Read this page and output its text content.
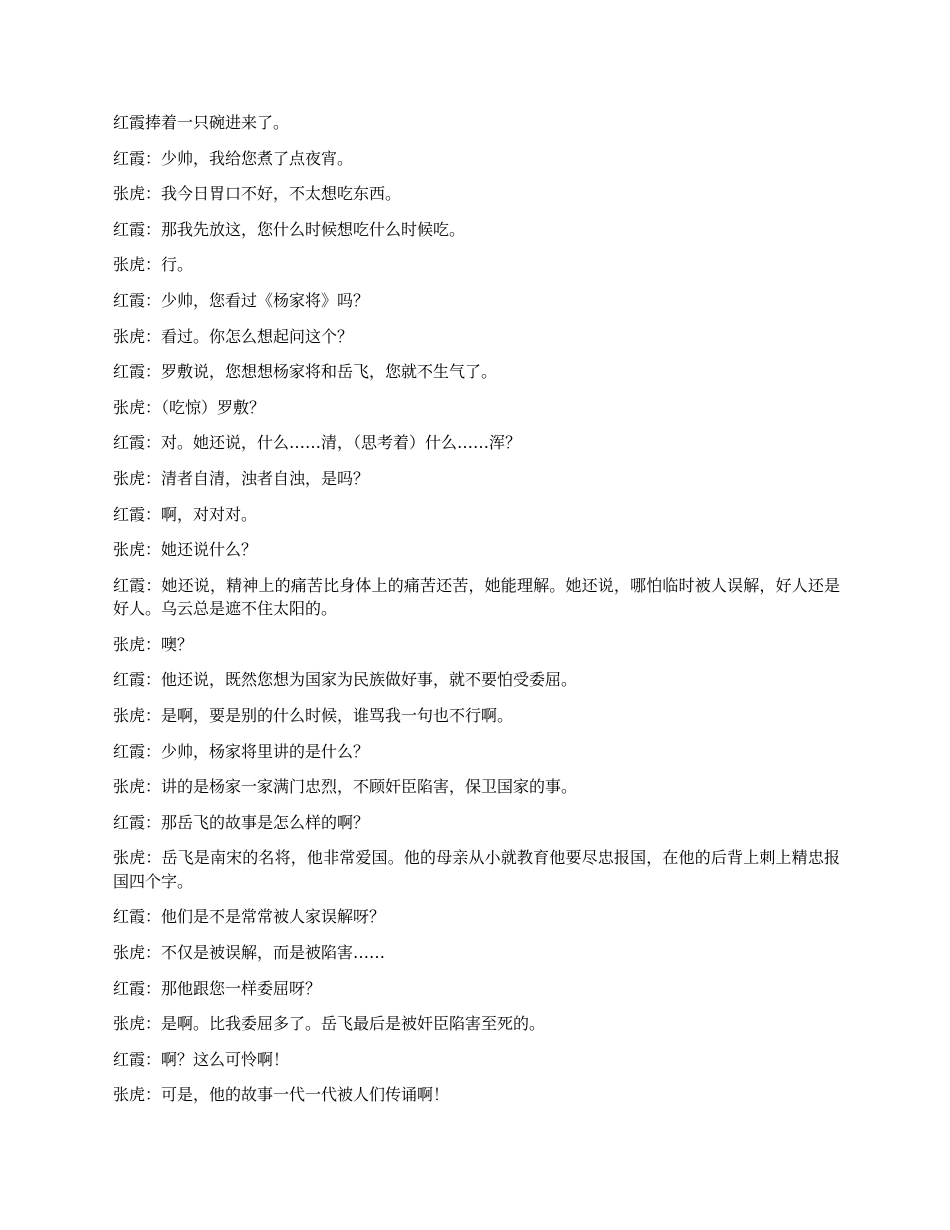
红霞捧着一只碗进来了。

红霞：少帅，我给您煮了点夜宵。

张虎：我今日胃口不好，不太想吃东西。

红霞：那我先放这，您什么时候想吃什么时候吃。

张虎：行。

红霞：少帅，您看过《杨家将》吗？

张虎：看过。你怎么想起问这个？

红霞：罗敷说，您想想杨家将和岳飞，您就不生气了。

张虎：（吃惊）罗敷？

红霞：对。她还说，什么……清，（思考着）什么……浑？

张虎：清者自清，浊者自浊，是吗？

红霞：啊，对对对。

张虎：她还说什么？

红霞：她还说，精神上的痛苦比身体上的痛苦还苦，她能理解。她还说，哪怕临时被人误解，好人还是好人。乌云总是遮不住太阳的。

张虎：噢？

红霞：他还说，既然您想为国家为民族做好事，就不要怕受委屈。

张虎：是啊，要是别的什么时候，谁骂我一句也不行啊。

红霞：少帅，杨家将里讲的是什么？

张虎：讲的是杨家一家满门忠烈，不顾奸臣陷害，保卫国家的事。

红霞：那岳飞的故事是怎么样的啊？

张虎：岳飞是南宋的名将，他非常爱国。他的母亲从小就教育他要尽忠报国，在他的后背上刺上精忠报国四个字。

红霞：他们是不是常常被人家误解呀？

张虎：不仅是被误解，而是被陷害……

红霞：那他跟您一样委屈呀？

张虎：是啊。比我委屈多了。岳飞最后是被奸臣陷害至死的。

红霞：啊？这么可怜啊！

张虎：可是，他的故事一代一代被人们传诵啊！
